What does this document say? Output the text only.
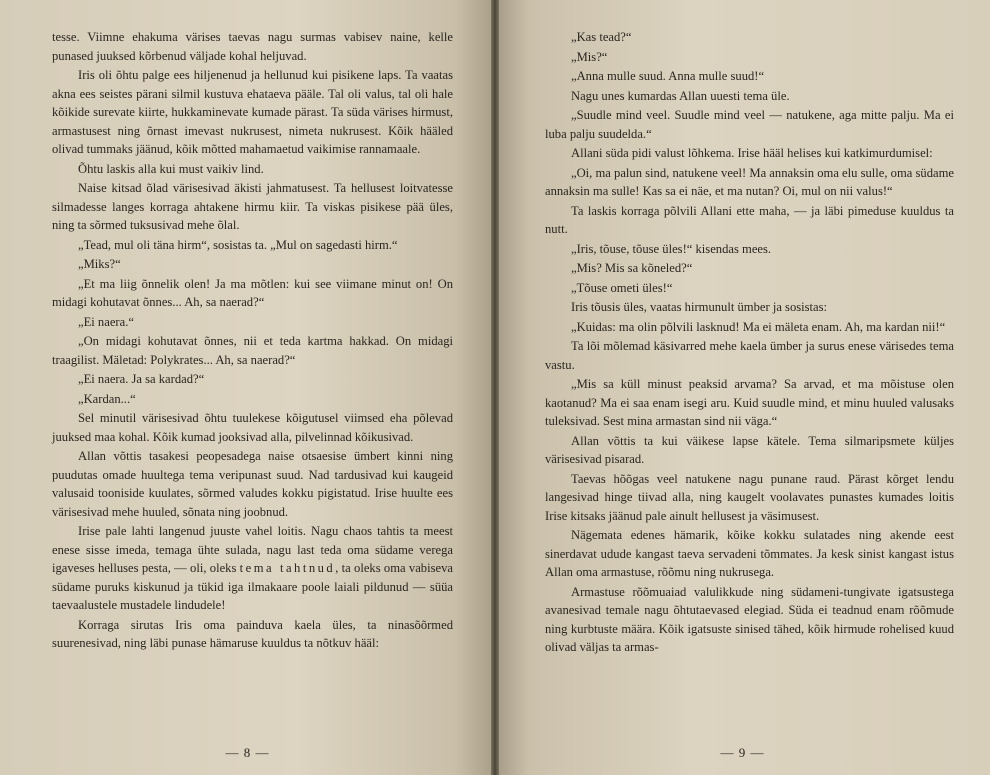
tesse. Viimne ehakuma värises taevas nagu surmas vabisev naine, kelle punased juuksed kõrbenud väljade kohal heljuvad.

Iris oli õhtu palge ees hiljenenud ja hellunud kui pisikene laps. Ta vaatas akna ees seistes pärani silmil kustuva ehataeva pääle. Tal oli valus, tal oli hale kõikide surevate kiirte, hukkaminevate kumade pärast. Ta süda värises hirmust, armastusest ning õrnast imevast nukrusest, nimeta nukrusest. Kõik hääled olivad tummaks jäänud, kõik mõtted mahamaetud vaikimise rannamaale.

Õhtu laskis alla kui must vaikiv lind.

Naise kitsad õlad värisesivad äkisti jahmatusest. Ta hellusest loitvatesse silmadesse langes korraga ahtakene hirmu kiir. Ta viskas pisikese pää üles, ning ta sõrmed tuksusivad mehe õlal.

„Tead, mul oli täna hirm“, sosistas ta. „Mul on sagedasti hirm.“

„Miks?“

„Et ma liig õnnelik olen! Ja ma mõtlen: kui see viimane minut on! On midagi kohutavat õnnes... Ah, sa naerad?“

„Ei naera.“

„On midagi kohutavat õnnes, nii et teda kartma hakkad. On midagi traagilist. Mäletad: Polykrates... Ah, sa naerad?“

„Ei naera. Ja sa kardad?“

„Kardan...“

Sel minutil värisesivad õhtu tuulekese kõigutusel viimsed eha põlevad juuksed maa kohal. Kõik kumad jooksivad alla, pilvelinnad kõikusivad.

Allan võttis tasakesi peopesadega naise otsaesise ümbert kinni ning puudutas omade huultega tema veripunast suud. Nad tardusivad kui kaugeid valusaid tooniside kuulates, sõrmed valudes kokku pigistatud. Irise huulte ees värisesivad mehe huuled, sõnata ning joobnud.

Irise pale lahti langenud juuste vahel loitis. Nagu chaos tahtis ta meest enese sisse imeda, temaga ühte sulada, nagu last teda oma südame verega igaveses helluses pesta, — oli, oleks tema tahtnud, ta oleks oma vabiseva südame puruks kiskunud ja tükid iga ilmakaare poole laiali pildunud — süüa taevaalustele mustadele lindudele!

Korraga sirutas Iris oma painduva kaela üles, ta ninasõõrmed suurenesivad, ning läbi punase hämaruse kuuldus ta nõtkuv hääl:

— 8 —

„Kas tead?“

„Mis?“

„Anna mulle suud. Anna mulle suud!“

Nagu unes kumardas Allan uuesti tema üle.

„Suudle mind veel. Suudle mind veel — natukene, aga mitte palju. Ma ei luba palju suudelda.“

Allani süda pidi valust lõhkema. Irise hääl helises kui katkimurdumisel:

„Oi, ma palun sind, natukene veel! Ma annaksin oma elu sulle, oma südame annaksin ma sulle! Kas sa ei näe, et ma nutan? Oi, mul on nii valus!“

Ta laskis korraga põlvili Allani ette maha, — ja läbi pimeduse kuuldus ta nutt.

„Iris, tõuse, tõuse üles!“ kisendas mees.

„Mis? Mis sa kõneled?“

„Tõuse ometi üles!“

Iris tõusis üles, vaatas hirmunult ümber ja sosistas:

„Kuidas: ma olin põlvili lasknud! Ma ei mäleta enam. Ah, ma kardan nii!“

Ta lõi mõlemad käsivarred mehe kaela ümber ja surus enese värisedes tema vastu.

„Mis sa küll minust peaksid arvama? Sa arvad, et ma mõistuse olen kaotanud? Ma ei saa enam isegi aru. Kuid suudle mind, et minu huuled valusaks tuleksivad. Sest mina armastan sind nii väga.“

Allan võttis ta kui väikese lapse kätele. Tema silmaripsmete küljes värisesivad pisarad.

Taevas hõõgas veel natukene nagu punane raud. Pärast kõrget lendu langesivad hinge tiivad alla, ning kaugelt voolavates punastes kumades loitis Irise kitsaks jäänud pale ainult hellusest ja väsimusest.

Nägemata edenes hämarik, kõike kokku sulatades ning akende eest sinerdavat udude kangast taeva servadeni tõmmates. Ja kesk sinist kangast istus Allan oma armastuse, rõõmu ning nukrusega.

Armastuse rõõmuaiad valulikkude ning südameni-tungivate igatsustega avanesivad temale nagu õhtutaevased elegiad. Süda ei teadnud enam rõõmude ning kurbtuste määra. Kõik igatsuste sinised tähed, kõik hirmude rohelised kuud olivad väljas ta armas-

— 9 —
